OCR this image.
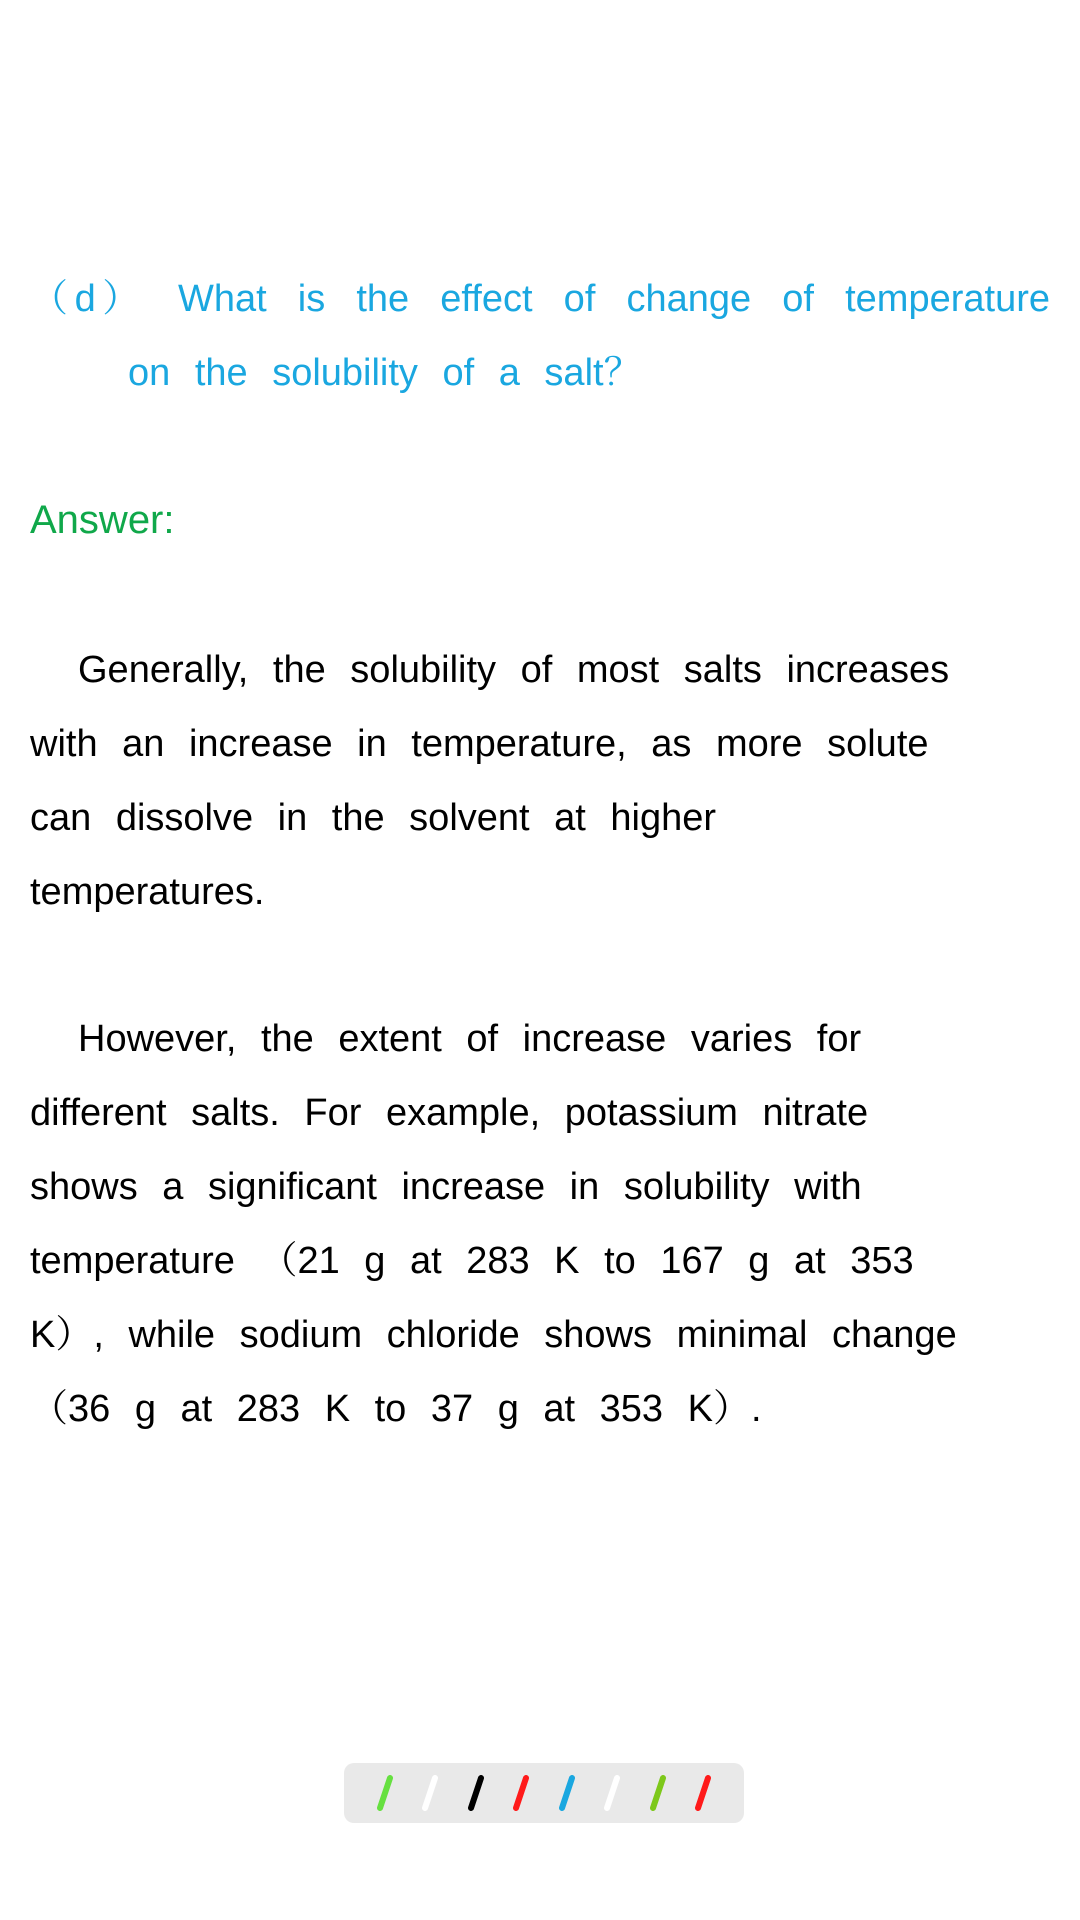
（d） What is the effect of change of temperature
on the solubility of a salt？
Answer:
Generally, the solubility of most salts increases
with an increase in temperature, as more solute
can dissolve in the solvent at higher
temperatures.
However, the extent of increase varies for
different salts. For example, potassium nitrate
shows a significant increase in solubility with
temperature （21 g at 283 K to 167 g at 353
K）, while sodium chloride shows minimal change
（36 g at 283 K to 37 g at 353 K）.
